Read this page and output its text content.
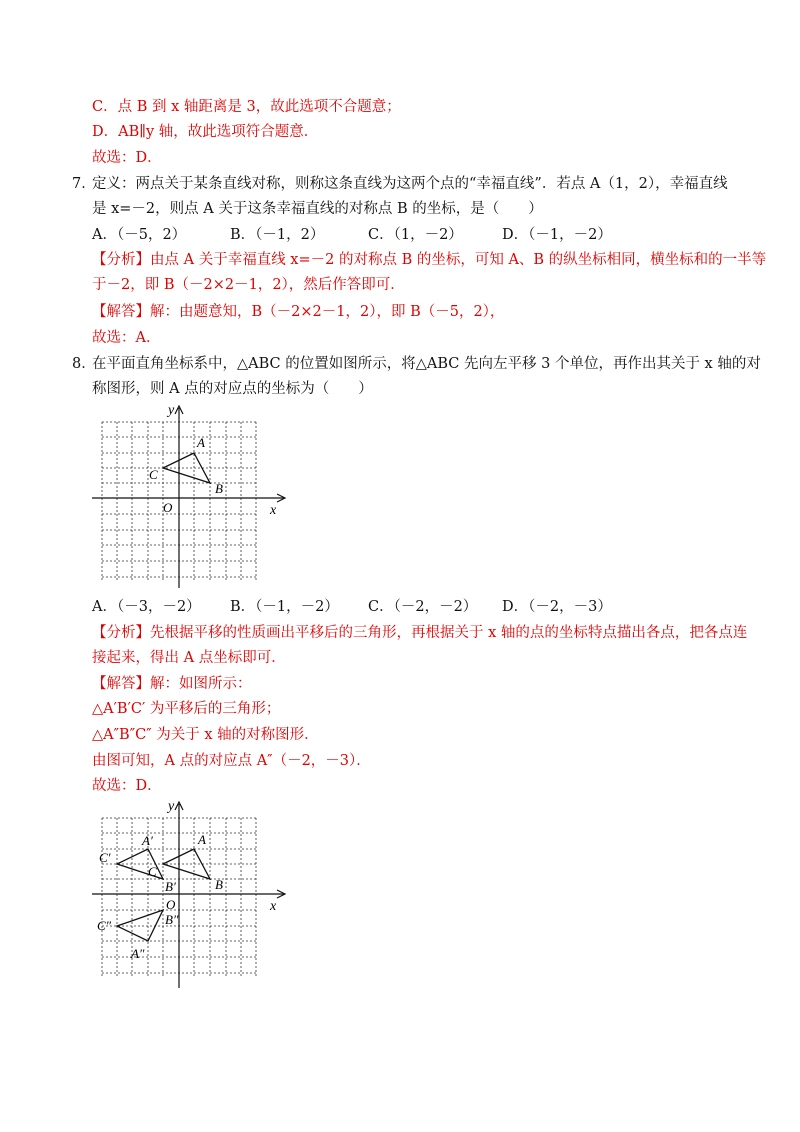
C．点 B 到 x 轴距离是 3，故此选项不合题意；
D．AB∥y 轴，故此选项符合题意．
故选：D．
7．
定义：两点关于某条直线对称，则称这条直线为这两个点的“幸福直线”．若点 A（1，2），幸福直线
是 x=－2，则点 A 关于这条幸福直线的对称点 B 的坐标，是（　　）
A．（－5，2）	B．（－1，2）	C．（1，－2）	D．（－1，－2）
【分析】由点 A 关于幸福直线 x=－2 的对称点 B 的坐标，可知 A、B 的纵坐标相同，横坐标和的一半等
于－2，即 B（－2×2－1，2），然后作答即可．
【解答】解：由题意知，B（－2×2－1，2），即 B（－5，2），
故选：A．
8．
在平面直角坐标系中，△ABC 的位置如图所示，将△ABC 先向左平移 3 个单位，再作出其关于 x 轴的对
称图形，则 A 点的对应点的坐标为（　　）
y
x
O
A
B
C
A．（－3，－2） B．（－1，－2） C．（－2，－2） D．（－2，－3）
【分析】先根据平移的性质画出平移后的三角形，再根据关于 x 轴的点的坐标特点描出各点，把各点连
接起来，得出 A 点坐标即可．
【解答】解：如图所示：
△A′B′C′ 为平移后的三角形；
△A″B″C″ 为关于 x 轴的对称图形．
由图可知，A 点的对应点 A″（－2，－3）．
故选：D．
y
x
O
A
B
C
A′
B′
C′
A″
B″
C″
